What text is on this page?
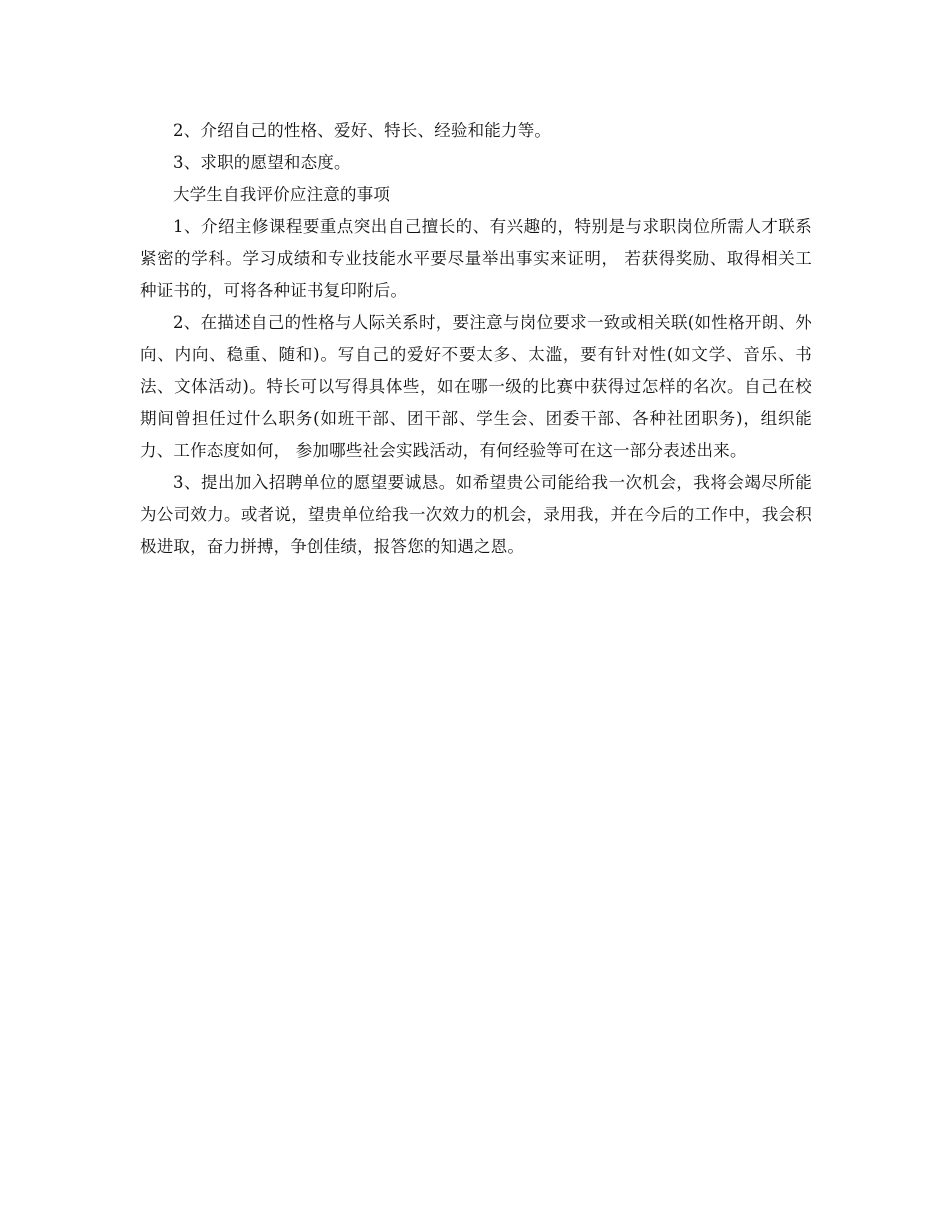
2、介绍自己的性格、爱好、特长、经验和能力等。

3、求职的愿望和态度。

大学生自我评价应注意的事项

1、介绍主修课程要重点突出自己擅长的、有兴趣的，特别是与求职岗位所需人才联系紧密的学科。学习成绩和专业技能水平要尽量举出事实来证明， 若获得奖励、取得相关工种证书的，可将各种证书复印附后。

2、在描述自己的性格与人际关系时，要注意与岗位要求一致或相关联(如性格开朗、外向、内向、稳重、随和)。写自己的爱好不要太多、太滥，要有针对性(如文学、音乐、书法、文体活动)。特长可以写得具体些，如在哪一级的比赛中获得过怎样的名次。自己在校期间曾担任过什么职务(如班干部、团干部、学生会、团委干部、各种社团职务)，组织能力、工作态度如何， 参加哪些社会实践活动，有何经验等可在这一部分表述出来。

3、提出加入招聘单位的愿望要诚恳。如希望贵公司能给我一次机会，我将会竭尽所能为公司效力。或者说，望贵单位给我一次效力的机会，录用我，并在今后的工作中，我会积极进取，奋力拼搏，争创佳绩，报答您的知遇之恩。
